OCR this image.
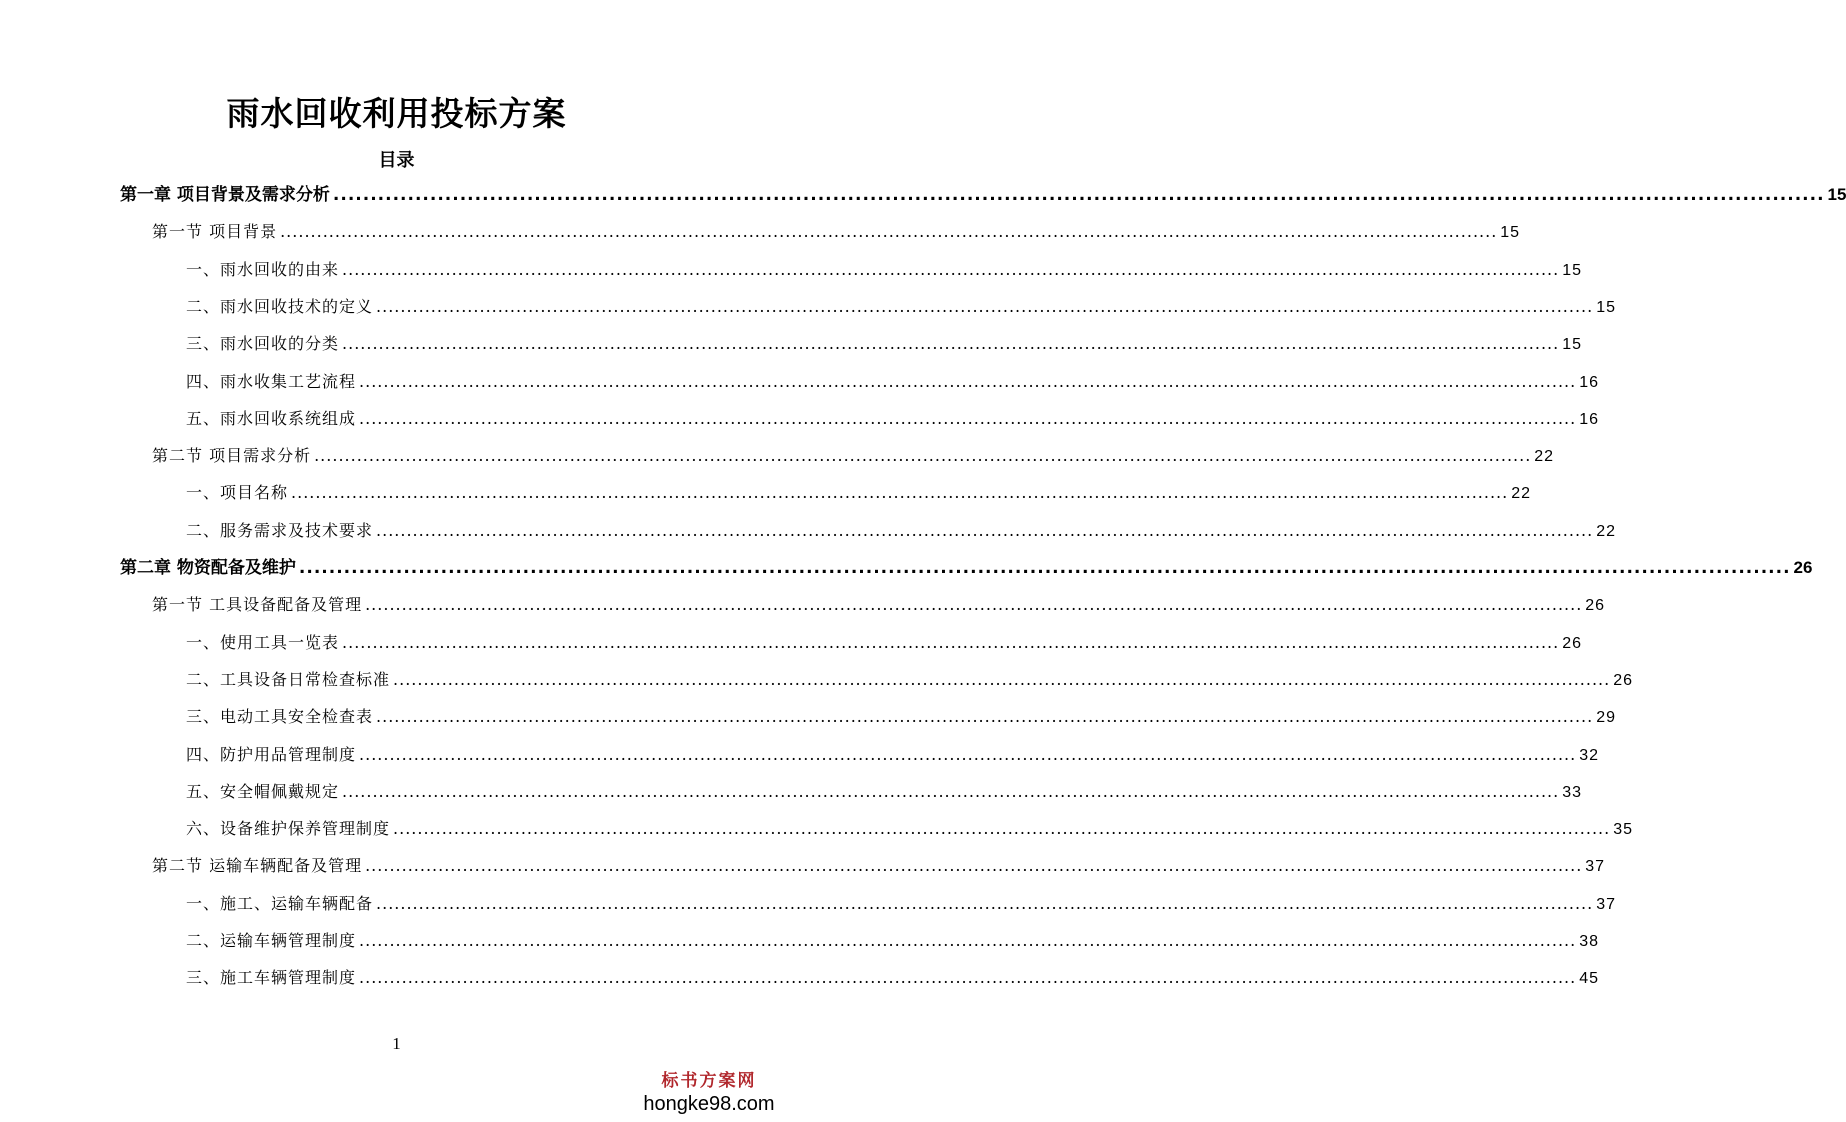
雨水回收利用投标方案
目录
第一章 项目背景及需求分析 ........................................................................................................................................................................................................ 15
第一节 项目背景 ........................................................................................................................................................................................................ 15
一、雨水回收的由来 ........................................................................................................................................................................................................ 15
二、雨水回收技术的定义 ........................................................................................................................................................................................................ 15
三、雨水回收的分类 ........................................................................................................................................................................................................ 15
四、雨水收集工艺流程 ........................................................................................................................................................................................................ 16
五、雨水回收系统组成 ........................................................................................................................................................................................................ 16
第二节 项目需求分析 ........................................................................................................................................................................................................ 22
一、项目名称 ........................................................................................................................................................................................................ 22
二、服务需求及技术要求 ........................................................................................................................................................................................................ 22
第二章 物资配备及维护 ........................................................................................................................................................................................................ 26
第一节 工具设备配备及管理 ........................................................................................................................................................................................................ 26
一、使用工具一览表 ........................................................................................................................................................................................................ 26
二、工具设备日常检查标准 ........................................................................................................................................................................................................ 26
三、电动工具安全检查表 ........................................................................................................................................................................................................ 29
四、防护用品管理制度 ........................................................................................................................................................................................................ 32
五、安全帽佩戴规定 ........................................................................................................................................................................................................ 33
六、设备维护保养管理制度 ........................................................................................................................................................................................................ 35
第二节 运输车辆配备及管理 ........................................................................................................................................................................................................ 37
一、施工、运输车辆配备 ........................................................................................................................................................................................................ 37
二、运输车辆管理制度 ........................................................................................................................................................................................................ 38
三、施工车辆管理制度 ........................................................................................................................................................................................................ 45
1
标书方案网
hongke98.com
